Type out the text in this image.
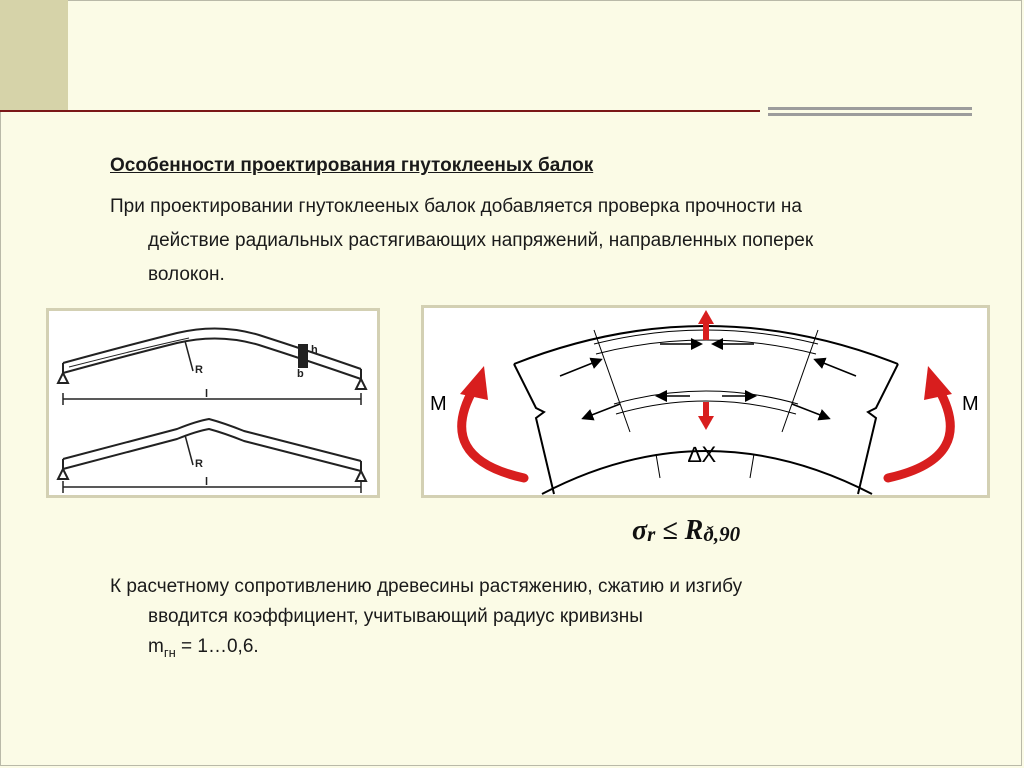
Особенности проектирования гнутоклееных балок
При проектировании гнутоклееных балок добавляется проверка прочности на
действие радиальных растягивающих напряжений, направленных поперек
волокон.
R
l
h
b
R
l
М	М
∆Х
$\sigma_r \le R_{ð,90}$
К расчетному сопротивлению древесины растяжению, сжатию и изгибу
вводится коэффициент, учитывающий радиус кривизны
$m_{гн}$ = 1…0,6.
